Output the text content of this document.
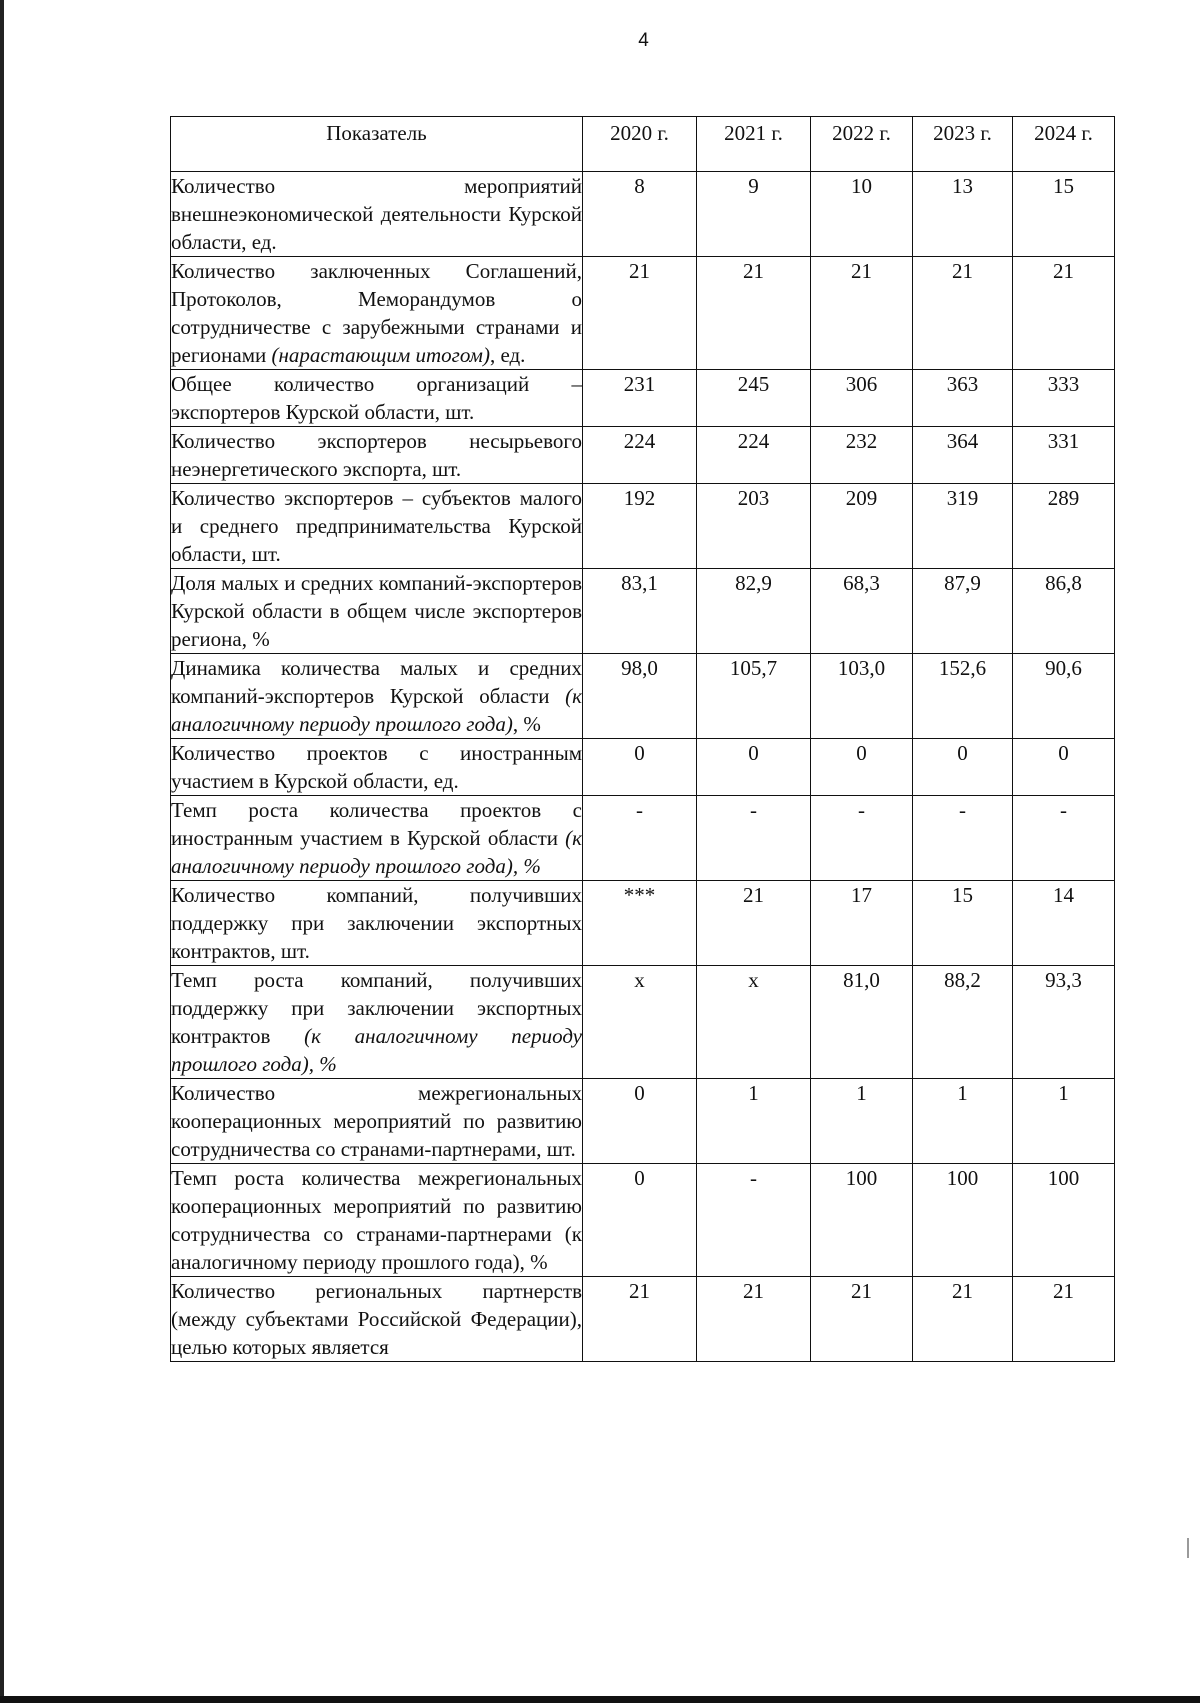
4
Показатель	2020 г.	2021 г.	2022 г.	2023 г.	2024 г.

Количество мероприятий внешнеэкономической деятельности Курской области, ед.	8	9	10	13	15
Количество заключенных Соглашений, Протоколов, Меморандумов о сотрудничестве с зарубежными странами и регионами (нарастающим итогом), ед.	21	21	21	21	21
Общее количество организаций – экспортеров Курской области, шт.	231	245	306	363	333
Количество экспортеров несырьевого неэнергетического экспорта, шт.	224	224	232	364	331
Количество экспортеров – субъектов малого и среднего предпринимательства Курской области, шт.	192	203	209	319	289
Доля малых и средних компаний-экспортеров Курской области в общем числе экспортеров региона, %	83,1	82,9	68,3	87,9	86,8
Динамика количества малых и средних компаний-экспортеров Курской области (к аналогичному периоду прошлого года), %	98,0	105,7	103,0	152,6	90,6
Количество проектов с иностранным участием в Курской области, ед.	0	0	0	0	0
Темп роста количества проектов с иностранным участием в Курской области (к аналогичному периоду прошлого года), %	-	-	-	-	-
Количество компаний, получивших поддержку при заключении экспортных контрактов, шт.	***	21	17	15	14
Темп роста компаний, получивших поддержку при заключении экспортных контрактов (к аналогичному периоду прошлого года), %	x	x	81,0	88,2	93,3
Количество межрегиональных кооперационных мероприятий по развитию сотрудничества со странами-партнерами, шт.	0	1	1	1	1
Темп роста количества межрегиональных кооперационных мероприятий по развитию сотрудничества со странами-партнерами (к аналогичному периоду прошлого года), %	0	-	100	100	100
Количество региональных партнерств (между субъектами Российской Федерации), целью которых является	21	21	21	21	21
